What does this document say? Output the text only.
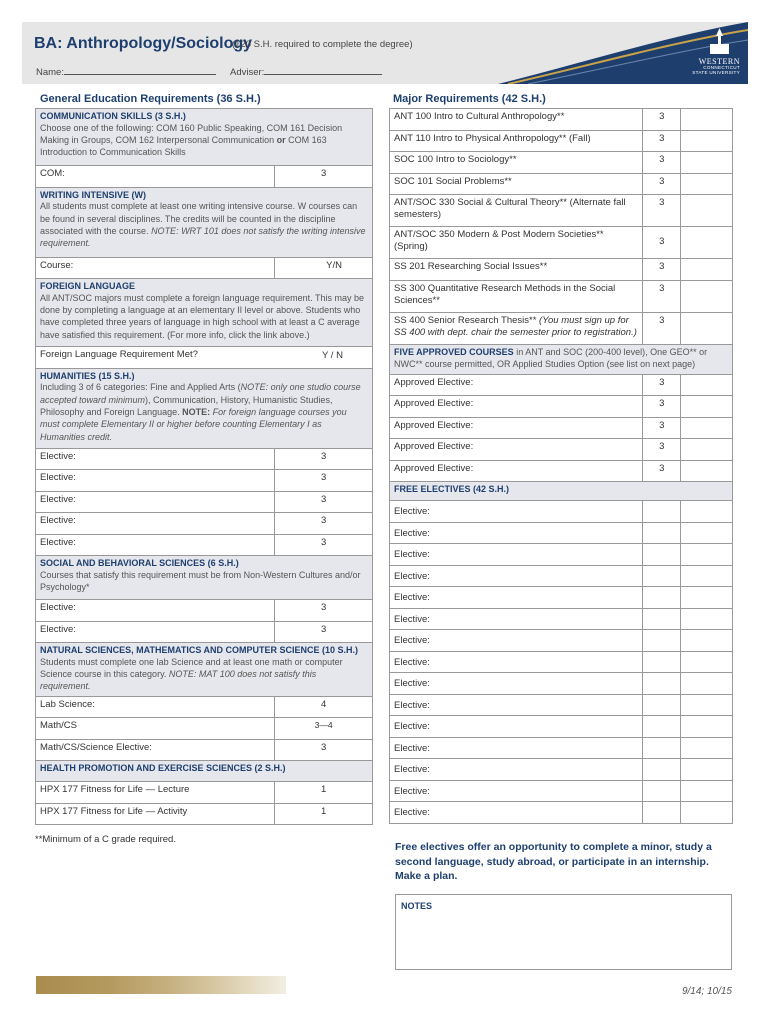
BA: Anthropology/Sociology
(120 S.H. required to complete the degree)
Name:	Adviser:
WESTERN
CONNECTICUT
STATE UNIVERSITY
General Education Requirements (36 S.H.)
COMMUNICATION SKILLS (3 S.H.)
Choose one of the following: COM 160 Public Speaking, COM 161 Decision Making in Groups, COM 162 Interpersonal Communication or COM 163 Introduction to Communication Skills	
COM:	3

WRITING INTENSIVE (W)
All students must complete at least one writing intensive course. W courses can be found in several disciplines. The credits will be counted in the discipline associated with the course. NOTE: WRT 101 does not satisfy the writing intensive requirement.	
Course:	Y/N

FOREIGN LANGUAGE
All ANT/SOC majors must complete a foreign language requirement. This may be done by completing a language at an elementary II level or above. Students who have completed three years of language in high school with at least a C average have satisfied this requirement. (For more info, click the link above.)	
Foreign Language Requirement Met? Y / N	

HUMANITIES (15 S.H.)
Including 3 of 6 categories: Fine and Applied Arts (NOTE: only one studio course accepted toward minimum), Communication, History, Humanistic Studies, Philosophy and Foreign Language. NOTE: For foreign language courses you must complete Elementary II or higher before counting Elementary I as Humanities credit.	
Elective:	3
Elective:	3
Elective:	3
Elective:	3
Elective:	3

SOCIAL AND BEHAVIORAL SCIENCES (6 S.H.)
Courses that satisfy this requirement must be from Non-Western Cultures and/or Psychology*	
Elective:	3
Elective:	3

NATURAL SCIENCES, MATHEMATICS AND COMPUTER SCIENCE (10 S.H.)
Students must complete one lab Science and at least one math or computer Science course in this category. NOTE: MAT 100 does not satisfy this requirement.	
Lab Science:	4
Math/CS	3—4
Math/CS/Science Elective:	3

HEALTH PROMOTION AND EXERCISE SCIENCES (2 S.H.)	

HPX 177 Fitness for Life — Lecture	1
HPX 177 Fitness for Life — Activity	1
Major Requirements (42 S.H.)
ANT 100 Intro to Cultural Anthropology**	3	
ANT 110 Intro to Physical Anthropology** (Fall)	3	
SOC 100 Intro to Sociology**	3	
SOC 101 Social Problems**	3	
ANT/SOC 330 Social & Cultural Theory** (Alternate fall semesters)	3	
ANT/SOC 350 Modern & Post Modern Societies** (Spring)	3	
SS 201 Researching Social Issues**	3	
SS 300 Quantitative Research Methods in the Social Sciences**	3	
SS 400 Senior Research Thesis** (You must sign up for SS 400 with dept. chair the semester prior to registration.)	3	
FIVE APPROVED COURSES in ANT and SOC (200-400 level), One GEO** or NWC** course permitted, OR Applied Studies Option (see list on next page)		
Approved Elective:	3	
Approved Elective:	3	
Approved Elective:	3	
Approved Elective:	3	
Approved Elective:	3	

FREE ELECTIVES (42 S.H.)		

Elective:		
Elective:		
Elective:		
Elective:		
Elective:		
Elective:		
Elective:		
Elective:		
Elective:		
Elective:		
Elective:		
Elective:		
Elective:		
Elective:		
Elective:		
**Minimum of a C grade required.
Free electives offer an opportunity to complete a minor, study a second language, study abroad, or participate in an internship. Make a plan.
NOTES
9/14; 10/15
